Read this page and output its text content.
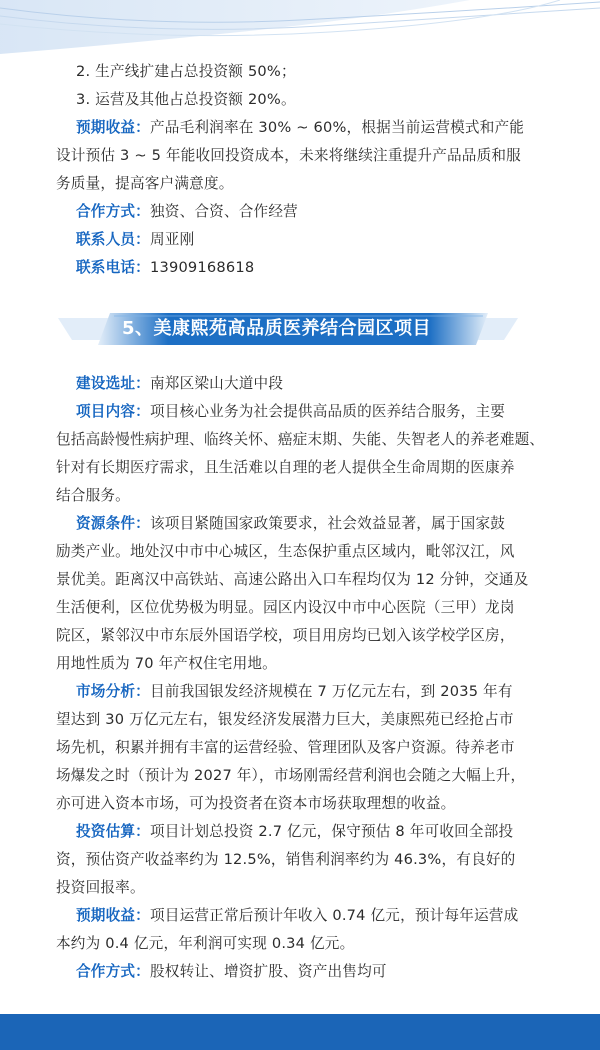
2. 生产线扩建占总投资额 50%；
3. 运营及其他占总投资额 20%。
预期收益：产品毛利润率在 30% ~ 60%，根据当前运营模式和产能
设计预估 3 ~ 5 年能收回投资成本，未来将继续注重提升产品品质和服
务质量，提高客户满意度。
合作方式：独资、合资、合作经营
联系人员：周亚刚
联系电话：13909168618
5、美康熙苑高品质医养结合园区项目
建设选址：南郑区梁山大道中段
项目内容：项目核心业务为社会提供高品质的医养结合服务，主要
包括高龄慢性病护理、临终关怀、癌症末期、失能、失智老人的养老难题、
针对有长期医疗需求，且生活难以自理的老人提供全生命周期的医康养
结合服务。
资源条件：该项目紧随国家政策要求，社会效益显著，属于国家鼓
励类产业。地处汉中市中心城区，生态保护重点区域内，毗邻汉江，风
景优美。距离汉中高铁站、高速公路出入口车程均仅为 12 分钟，交通及
生活便利，区位优势极为明显。园区内设汉中市中心医院（三甲）龙岗
院区，紧邻汉中市东辰外国语学校，项目用房均已划入该学校学区房，
用地性质为 70 年产权住宅用地。
市场分析：目前我国银发经济规模在 7 万亿元左右，到 2035 年有
望达到 30 万亿元左右，银发经济发展潜力巨大，美康熙苑已经抢占市
场先机，积累并拥有丰富的运营经验、管理团队及客户资源。待养老市
场爆发之时（预计为 2027 年），市场刚需经营利润也会随之大幅上升，
亦可进入资本市场，可为投资者在资本市场获取理想的收益。
投资估算：项目计划总投资 2.7 亿元，保守预估 8 年可收回全部投
资，预估资产收益率约为 12.5%，销售利润率约为 46.3%，有良好的
投资回报率。
预期收益：项目运营正常后预计年收入 0.74 亿元，预计每年运营成
本约为 0.4 亿元，年利润可实现 0.34 亿元。
合作方式：股权转让、增资扩股、资产出售均可
